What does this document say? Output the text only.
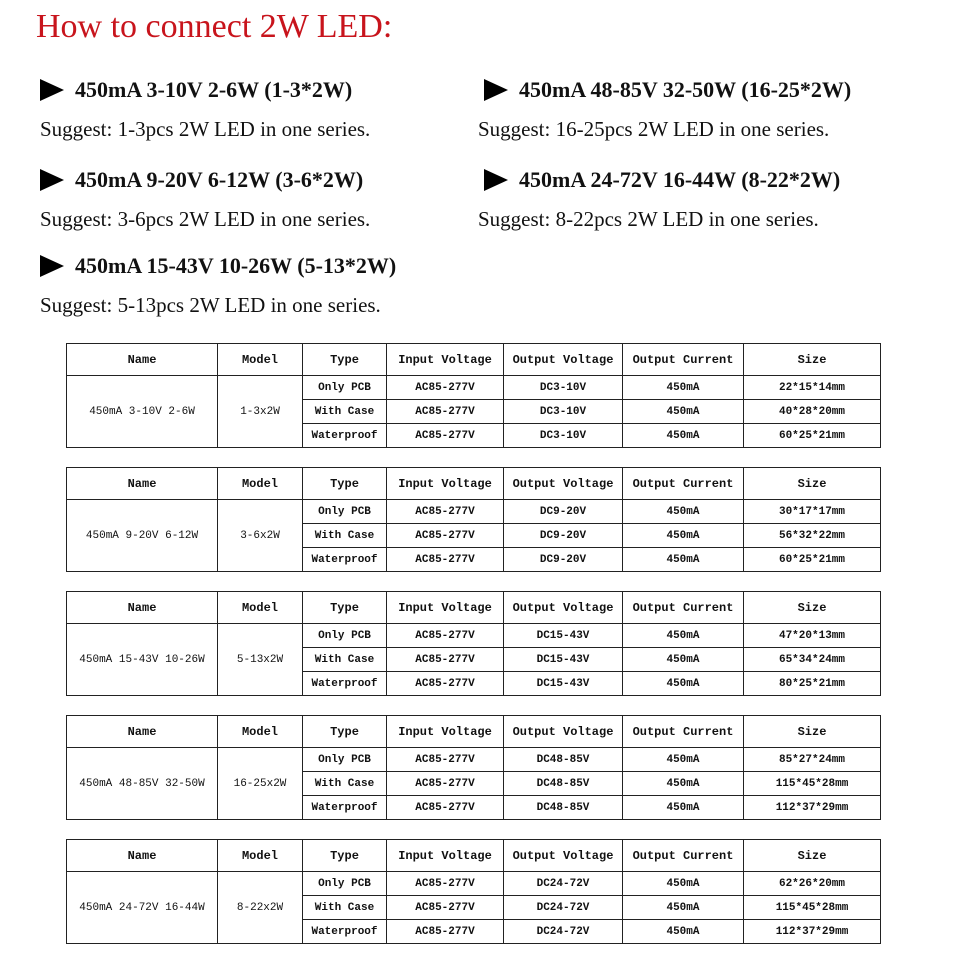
How to connect 2W LED:
450mA 3-10V 2-6W (1-3*2W)
Suggest: 1-3pcs 2W LED in one series.
450mA 9-20V 6-12W (3-6*2W)
Suggest: 3-6pcs 2W LED in one series.
450mA 15-43V 10-26W (5-13*2W)
Suggest: 5-13pcs 2W LED in one series.
450mA 48-85V 32-50W (16-25*2W)
Suggest: 16-25pcs 2W LED in one series.
450mA 24-72V 16-44W (8-22*2W)
Suggest: 8-22pcs 2W LED in one series.
Name	Model	Type	Input Voltage	Output Voltage	Output Current	Size
450mA 3-10V 2-6W	1-3x2W	Only PCB	AC85-277V	DC3-10V	450mA	22*15*14mm
		With Case	AC85-277V	DC3-10V	450mA	40*28*20mm
		Waterproof	AC85-277V	DC3-10V	450mA	60*25*21mm
Name	Model	Type	Input Voltage	Output Voltage	Output Current	Size
450mA 9-20V 6-12W	3-6x2W	Only PCB	AC85-277V	DC9-20V	450mA	30*17*17mm
		With Case	AC85-277V	DC9-20V	450mA	56*32*22mm
		Waterproof	AC85-277V	DC9-20V	450mA	60*25*21mm
Name	Model	Type	Input Voltage	Output Voltage	Output Current	Size
450mA 15-43V 10-26W	5-13x2W	Only PCB	AC85-277V	DC15-43V	450mA	47*20*13mm
		With Case	AC85-277V	DC15-43V	450mA	65*34*24mm
		Waterproof	AC85-277V	DC15-43V	450mA	80*25*21mm
Name	Model	Type	Input Voltage	Output Voltage	Output Current	Size
450mA 48-85V 32-50W	16-25x2W	Only PCB	AC85-277V	DC48-85V	450mA	85*27*24mm
		With Case	AC85-277V	DC48-85V	450mA	115*45*28mm
		Waterproof	AC85-277V	DC48-85V	450mA	112*37*29mm
Name	Model	Type	Input Voltage	Output Voltage	Output Current	Size
450mA 24-72V 16-44W	8-22x2W	Only PCB	AC85-277V	DC24-72V	450mA	62*26*20mm
		With Case	AC85-277V	DC24-72V	450mA	115*45*28mm
		Waterproof	AC85-277V	DC24-72V	450mA	112*37*29mm
